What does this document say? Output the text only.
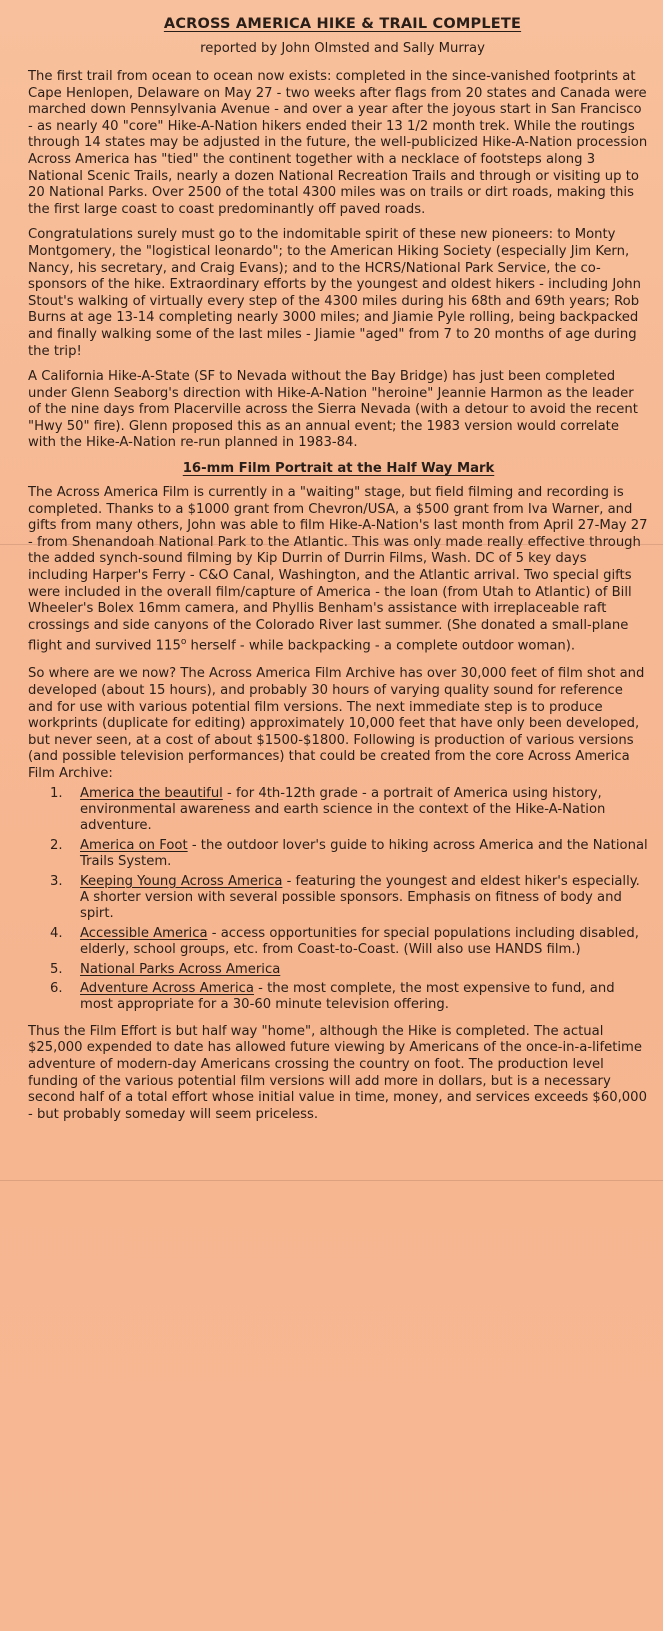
ACROSS AMERICA HIKE & TRAIL COMPLETE
reported by John Olmsted and Sally Murray

The first trail from ocean to ocean now exists: completed in the since-vanished footprints at Cape Henlopen, Delaware on May 27 - two weeks after flags from 20 states and Canada were marched down Pennsylvania Avenue - and over a year after the joyous start in San Francisco - as nearly 40 "core" Hike-A-Nation hikers ended their 13 1/2 month trek. While the routings through 14 states may be adjusted in the future, the well-publicized Hike-A-Nation procession Across America has "tied" the continent together with a necklace of footsteps along 3 National Scenic Trails, nearly a dozen National Recreation Trails and through or visiting up to 20 National Parks. Over 2500 of the total 4300 miles was on trails or dirt roads, making this the first large coast to coast predominantly off paved roads.

Congratulations surely must go to the indomitable spirit of these new pioneers: to Monty Montgomery, the "logistical leonardo"; to the American Hiking Society (especially Jim Kern, Nancy, his secretary, and Craig Evans); and to the HCRS/National Park Service, the co-sponsors of the hike. Extraordinary efforts by the youngest and oldest hikers - including John Stout's walking of virtually every step of the 4300 miles during his 68th and 69th years; Rob Burns at age 13-14 completing nearly 3000 miles; and Jiamie Pyle rolling, being backpacked and finally walking some of the last miles - Jiamie "aged" from 7 to 20 months of age during the trip!

A California Hike-A-State (SF to Nevada without the Bay Bridge) has just been completed under Glenn Seaborg's direction with Hike-A-Nation "heroine" Jeannie Harmon as the leader of the nine days from Placerville across the Sierra Nevada (with a detour to avoid the recent "Hwy 50" fire). Glenn proposed this as an annual event; the 1983 version would correlate with the Hike-A-Nation re-run planned in 1983-84.

16-mm Film Portrait at the Half Way Mark

The Across America Film is currently in a "waiting" stage, but field filming and recording is completed. Thanks to a $1000 grant from Chevron/USA, a $500 grant from Iva Warner, and gifts from many others, John was able to film Hike-A-Nation's last month from April 27-May 27 - from Shenandoah National Park to the Atlantic. This was only made really effective through the added synch-sound filming by Kip Durrin of Durrin Films, Wash. DC of 5 key days including Harper's Ferry - C&O Canal, Washington, and the Atlantic arrival. Two special gifts were included in the overall film/capture of America - the loan (from Utah to Atlantic) of Bill Wheeler's Bolex 16mm camera, and Phyllis Benham's assistance with irreplaceable raft crossings and side canyons of the Colorado River last summer. (She donated a small-plane flight and survived 115$^o$ herself - while backpacking - a complete outdoor woman).

So where are we now? The Across America Film Archive has over 30,000 feet of film shot and developed (about 15 hours), and probably 30 hours of varying quality sound for reference and for use with various potential film versions. The next immediate step is to produce workprints (duplicate for editing) approximately 10,000 feet that have only been developed, but never seen, at a cost of about $1500-$1800. Following is production of various versions (and possible television performances) that could be created from the core Across America Film Archive:

1. America the beautiful - for 4th-12th grade - a portrait of America using history, environmental awareness and earth science in the context of the Hike-A-Nation adventure.
2. America on Foot - the outdoor lover's guide to hiking across America and the National Trails System.
3. Keeping Young Across America - featuring the youngest and eldest hiker's especially. A shorter version with several possible sponsors. Emphasis on fitness of body and spirt.
4. Accessible America - access opportunities for special populations including disabled, elderly, school groups, etc. from Coast-to-Coast. (Will also use HANDS film.)
5. National Parks Across America
6. Adventure Across America - the most complete, the most expensive to fund, and most appropriate for a 30-60 minute television offering.

Thus the Film Effort is but half way "home", although the Hike is completed. The actual $25,000 expended to date has allowed future viewing by Americans of the once-in-a-lifetime adventure of modern-day Americans crossing the country on foot. The production level funding of the various potential film versions will add more in dollars, but is a necessary second half of a total effort whose initial value in time, money, and services exceeds $60,000 - but probably someday will seem priceless.
